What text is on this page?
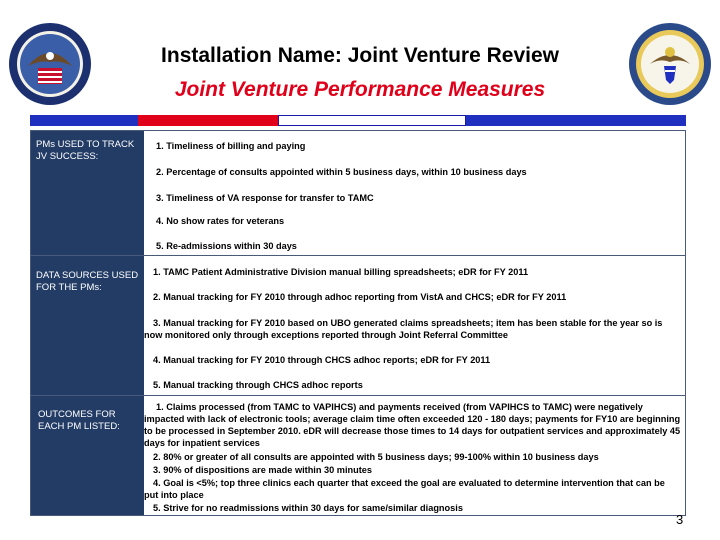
Installation Name: Joint Venture Review
Joint Venture Performance Measures
PMs USED TO TRACK JV SUCCESS:
1. Timeliness of billing and paying
2. Percentage of consults appointed within 5 business days, within 10 business days
3. Timeliness of VA response for transfer to TAMC
4. No show rates for veterans
5. Re-admissions within 30 days
DATA SOURCES USED FOR THE PMs:
1. TAMC Patient Administrative Division manual billing spreadsheets; eDR for FY 2011
2. Manual tracking for FY 2010 through adhoc reporting from VistA and CHCS; eDR for FY 2011
3. Manual tracking for FY 2010 based on UBO generated claims spreadsheets; item has been stable for the year so is now monitored only through exceptions reported through Joint Referral Committee
4. Manual tracking for FY 2010 through CHCS adhoc reports; eDR for FY 2011
5. Manual tracking through CHCS adhoc reports
OUTCOMES FOR EACH PM LISTED:
1. Claims processed (from TAMC to VAPIHCS) and payments received (from VAPIHCS to TAMC) were negatively impacted with lack of electronic tools; average claim time often exceeded 120 - 180 days; payments for FY10 are beginning to be processed in September 2010. eDR will decrease those times to 14 days for outpatient services and approximately 45 days for inpatient services
2. 80% or greater of all consults are appointed with 5 business days; 99-100% within 10 business days
3. 90% of dispositions are made within 30 minutes
4. Goal is <5%; top three clinics each quarter that exceed the goal are evaluated to determine intervention that can be put into place
5. Strive for no readmissions within 30 days for same/similar diagnosis
3
